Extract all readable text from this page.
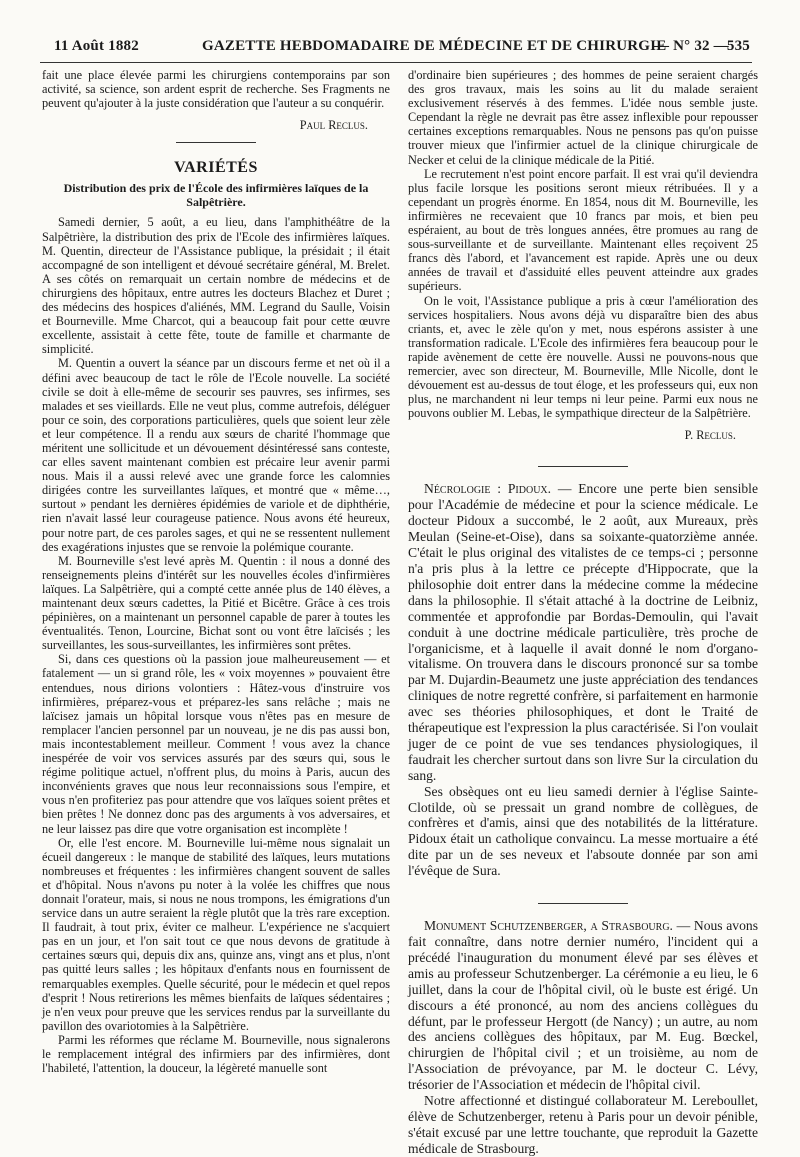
11 Août 1882	GAZETTE HEBDOMADAIRE DE MÉDECINE ET DE CHIRURGIE
— N° 32 —
535

fait une place élevée parmi les chirurgiens contemporains par son activité, sa science, son ardent esprit de recherche. Ses Fragments ne peuvent qu'ajouter à la juste considération que l'auteur a su conquérir.

Paul Reclus.
VARIÉTÉS
Distribution des prix de l'École des infirmières laïques de la Salpêtrière.

Samedi dernier, 5 août, a eu lieu, dans l'amphithéâtre de la Salpêtrière, la distribution des prix de l'Ecole des infirmières laïques. M. Quentin, directeur de l'Assistance publique, la présidait ; il était accompagné de son intelligent et dévoué secrétaire général, M. Brelet. A ses côtés on remarquait un certain nombre de médecins et de chirurgiens des hôpitaux, entre autres les docteurs Blachez et Duret ; des médecins des hospices d'aliénés, MM. Legrand du Saulle, Voisin et Bourneville. Mme Charcot, qui a beaucoup fait pour cette œuvre excellente, assistait à cette fête, toute de famille et charmante de simplicité.

M. Quentin a ouvert la séance par un discours ferme et net où il a défini avec beaucoup de tact le rôle de l'Ecole nouvelle. La société civile se doit à elle-même de secourir ses pauvres, ses infirmes, ses malades et ses vieillards. Elle ne veut plus, comme autrefois, déléguer pour ce soin, des corporations particulières, quels que soient leur zèle et leur compétence. Il a rendu aux sœurs de charité l'hommage que méritent une sollicitude et un dévouement désintéressé sans conteste, car elles savent maintenant combien est précaire leur avenir parmi nous. Mais il a aussi relevé avec une grande force les calomnies dirigées contre les surveillantes laïques, et montré que « même…, surtout » pendant les dernières épidémies de variole et de diphthérie, rien n'avait lassé leur courageuse patience. Nous avons été heureux, pour notre part, de ces paroles sages, et qui ne se ressentent nullement des exagérations injustes que se renvoie la polémique courante.

M. Bourneville s'est levé après M. Quentin : il nous a donné des renseignements pleins d'intérêt sur les nouvelles écoles d'infirmières laïques. La Salpêtrière, qui a compté cette année plus de 140 élèves, a maintenant deux sœurs cadettes, la Pitié et Bicêtre. Grâce à ces trois pépinières, on a maintenant un personnel capable de parer à toutes les éventualités. Tenon, Lourcine, Bichat sont ou vont être laïcisés ; les surveillantes, les sous-surveillantes, les infirmières sont prêtes.

Si, dans ces questions où la passion joue malheureusement — et fatalement — un si grand rôle, les « voix moyennes » pouvaient être entendues, nous dirions volontiers : Hâtez-vous d'instruire vos infirmières, préparez-vous et préparez-les sans relâche ; mais ne laïcisez jamais un hôpital lorsque vous n'êtes pas en mesure de remplacer l'ancien personnel par un nouveau, je ne dis pas aussi bon, mais incontestablement meilleur. Comment ! vous avez la chance inespérée de voir vos services assurés par des sœurs qui, sous le régime politique actuel, n'offrent plus, du moins à Paris, aucun des inconvénients graves que nous leur reconnaissions sous l'empire, et vous n'en profiteriez pas pour attendre que vos laïques soient prêtes et bien prêtes ! Ne donnez donc pas des arguments à vos adversaires, et ne leur laissez pas dire que votre organisation est incomplète !

Or, elle l'est encore. M. Bourneville lui-même nous signalait un écueil dangereux : le manque de stabilité des laïques, leurs mutations nombreuses et fréquentes : les infirmières changent souvent de salles et d'hôpital. Nous n'avons pu noter à la volée les chiffres que nous donnait l'orateur, mais, si nous ne nous trompons, les émigrations d'un service dans un autre seraient la règle plutôt que la très rare exception. Il faudrait, à tout prix, éviter ce malheur. L'expérience ne s'acquiert pas en un jour, et l'on sait tout ce que nous devons de gratitude à certaines sœurs qui, depuis dix ans, quinze ans, vingt ans et plus, n'ont pas quitté leurs salles ; les hôpitaux d'enfants nous en fournissent de remarquables exemples. Quelle sécurité, pour le médecin et quel repos d'esprit ! Nous retirerions les mêmes bienfaits de laïques sédentaires ; je n'en veux pour preuve que les services rendus par la surveillante du pavillon des ovariotomies à la Salpêtrière.

Parmi les réformes que réclame M. Bourneville, nous signalerons le remplacement intégral des infirmiers par des infirmières, dont l'habileté, l'attention, la douceur, la légèreté manuelle sont

d'ordinaire bien supérieures ; des hommes de peine seraient chargés des gros travaux, mais les soins au lit du malade seraient exclusivement réservés à des femmes. L'idée nous semble juste. Cependant la règle ne devrait pas être assez inflexible pour repousser certaines exceptions remarquables. Nous ne pensons pas qu'on puisse trouver mieux que l'infirmier actuel de la clinique chirurgicale de Necker et celui de la clinique médicale de la Pitié.

Le recrutement n'est point encore parfait. Il est vrai qu'il deviendra plus facile lorsque les positions seront mieux rétribuées. Il y a cependant un progrès énorme. En 1854, nous dit M. Bourneville, les infirmières ne recevaient que 10 francs par mois, et bien peu espéraient, au bout de très longues années, être promues au rang de sous-surveillante et de surveillante. Maintenant elles reçoivent 25 francs dès l'abord, et l'avancement est rapide. Après une ou deux années de travail et d'assiduité elles peuvent atteindre aux grades supérieurs.

On le voit, l'Assistance publique a pris à cœur l'amélioration des services hospitaliers. Nous avons déjà vu disparaître bien des abus criants, et, avec le zèle qu'on y met, nous espérons assister à une transformation radicale. L'Ecole des infirmières fera beaucoup pour le rapide avènement de cette ère nouvelle. Aussi ne pouvons-nous que remercier, avec son directeur, M. Bourneville, Mlle Nicolle, dont le dévouement est au-dessus de tout éloge, et les professeurs qui, eux non plus, ne marchandent ni leur temps ni leur peine. Parmi eux nous ne pouvons oublier M. Lebas, le sympathique directeur de la Salpêtrière.

P. Reclus.

Nécrologie : Pidoux. — Encore une perte bien sensible pour l'Académie de médecine et pour la science médicale. Le docteur Pidoux a succombé, le 2 août, aux Mureaux, près Meulan (Seine-et-Oise), dans sa soixante-quatorzième année. C'était le plus original des vitalistes de ce temps-ci ; personne n'a pris plus à la lettre ce précepte d'Hippocrate, que la philosophie doit entrer dans la médecine comme la médecine dans la philosophie. Il s'était attaché à la doctrine de Leibniz, commentée et approfondie par Bordas-Demoulin, qui l'avait conduit à une doctrine médicale particulière, très proche de l'organicisme, et à laquelle il avait donné le nom d'organo-vitalisme. On trouvera dans le discours prononcé sur sa tombe par M. Dujardin-Beaumetz une juste appréciation des tendances cliniques de notre regretté confrère, si parfaitement en harmonie avec ses théories philosophiques, et dont le Traité de thérapeutique est l'expression la plus caractérisée. Si l'on voulait juger de ce point de vue ses tendances physiologiques, il faudrait les chercher surtout dans son livre Sur la circulation du sang.

Ses obsèques ont eu lieu samedi dernier à l'église Sainte-Clotilde, où se pressait un grand nombre de collègues, de confrères et d'amis, ainsi que des notabilités de la littérature. Pidoux était un catholique convaincu. La messe mortuaire a été dite par un de ses neveux et l'absoute donnée par son ami l'évêque de Sura.

Monument Schutzenberger, a Strasbourg. — Nous avons fait connaître, dans notre dernier numéro, l'incident qui a précédé l'inauguration du monument élevé par ses élèves et amis au professeur Schutzenberger. La cérémonie a eu lieu, le 6 juillet, dans la cour de l'hôpital civil, où le buste est érigé. Un discours a été prononcé, au nom des anciens collègues du défunt, par le professeur Hergott (de Nancy) ; un autre, au nom des anciens collègues des hôpitaux, par M. Eug. Bœckel, chirurgien de l'hôpital civil ; et un troisième, au nom de l'Association de prévoyance, par M. le docteur C. Lévy, trésorier de l'Association et médecin de l'hôpital civil.

Notre affectionné et distingué collaborateur M. Lereboullet, élève de Schutzenberger, retenu à Paris pour un devoir pénible, s'était excusé par une lettre touchante, que reproduit la Gazette médicale de Strasbourg.
